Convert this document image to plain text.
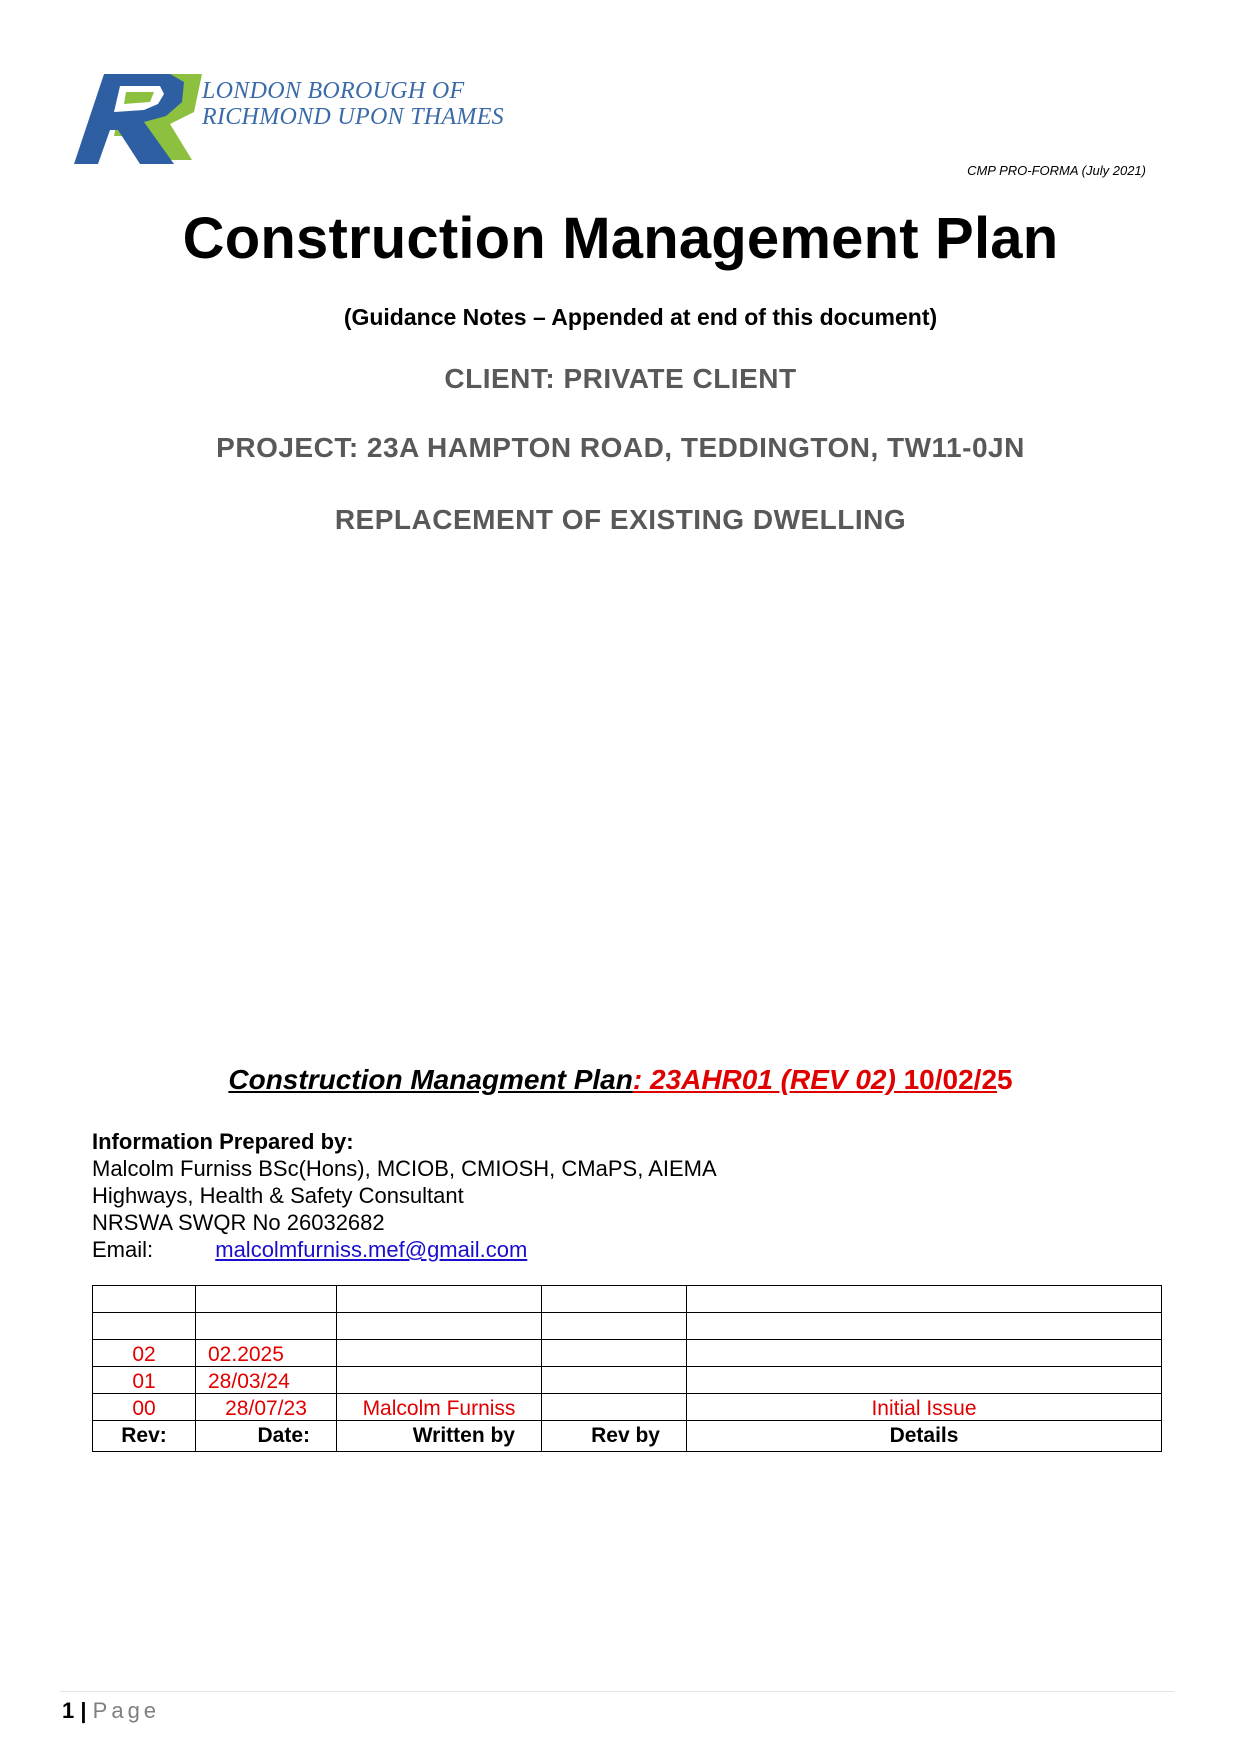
LONDON BOROUGH OF
RICHMOND UPON THAMES
CMP PRO-FORMA (July 2021)
Construction Management Plan
(Guidance Notes – Appended at end of this document)
CLIENT: PRIVATE CLIENT
PROJECT: 23A HAMPTON ROAD, TEDDINGTON, TW11-0JN
REPLACEMENT OF EXISTING DWELLING
Construction Managment Plan: 23AHR01 (REV 02) 10/02/25
Information Prepared by:
Malcolm Furniss BSc(Hons), MCIOB, CMIOSH, CMaPS, AIEMA
Highways, Health & Safety Consultant
NRSWA SWQR No 26032682
Email:	malcolmfurniss.mef@gmail.com

02	02.2025			
01	28/03/24			
00	28/07/23	Malcolm Furniss		Initial Issue
Rev:	Date:	Written by	Rev by	Details
1 | Page
